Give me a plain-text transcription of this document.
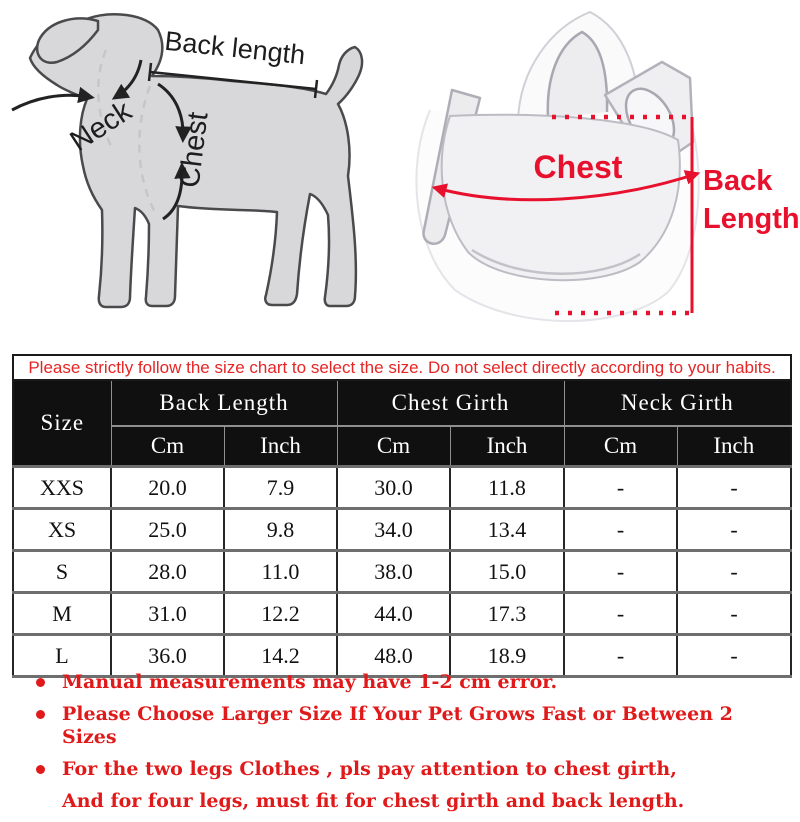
Back length
Neck Chest	Chest	Back
Length
Please strictly follow the size chart to select the size. Do not select directly according to your habits.						
Size	Back Length		Chest Girth		Neck Girth	
	Cm	Inch	Cm	Inch	Cm	Inch
XXS	20.0	7.9	30.0	11.8	-	-
XS	25.0	9.8	34.0	13.4	-	-
S	28.0	11.0	38.0	15.0	-	-
M	31.0	12.2	44.0	17.3	-	-
L	36.0	14.2	48.0	18.9	-	-
Manual measurements may have 1-2 cm error.
Please Choose Larger Size If Your Pet Grows Fast or Between 2 Sizes
For the two legs Clothes , pls pay attention to chest girth,
And for four legs, must fit for chest girth and back length.
